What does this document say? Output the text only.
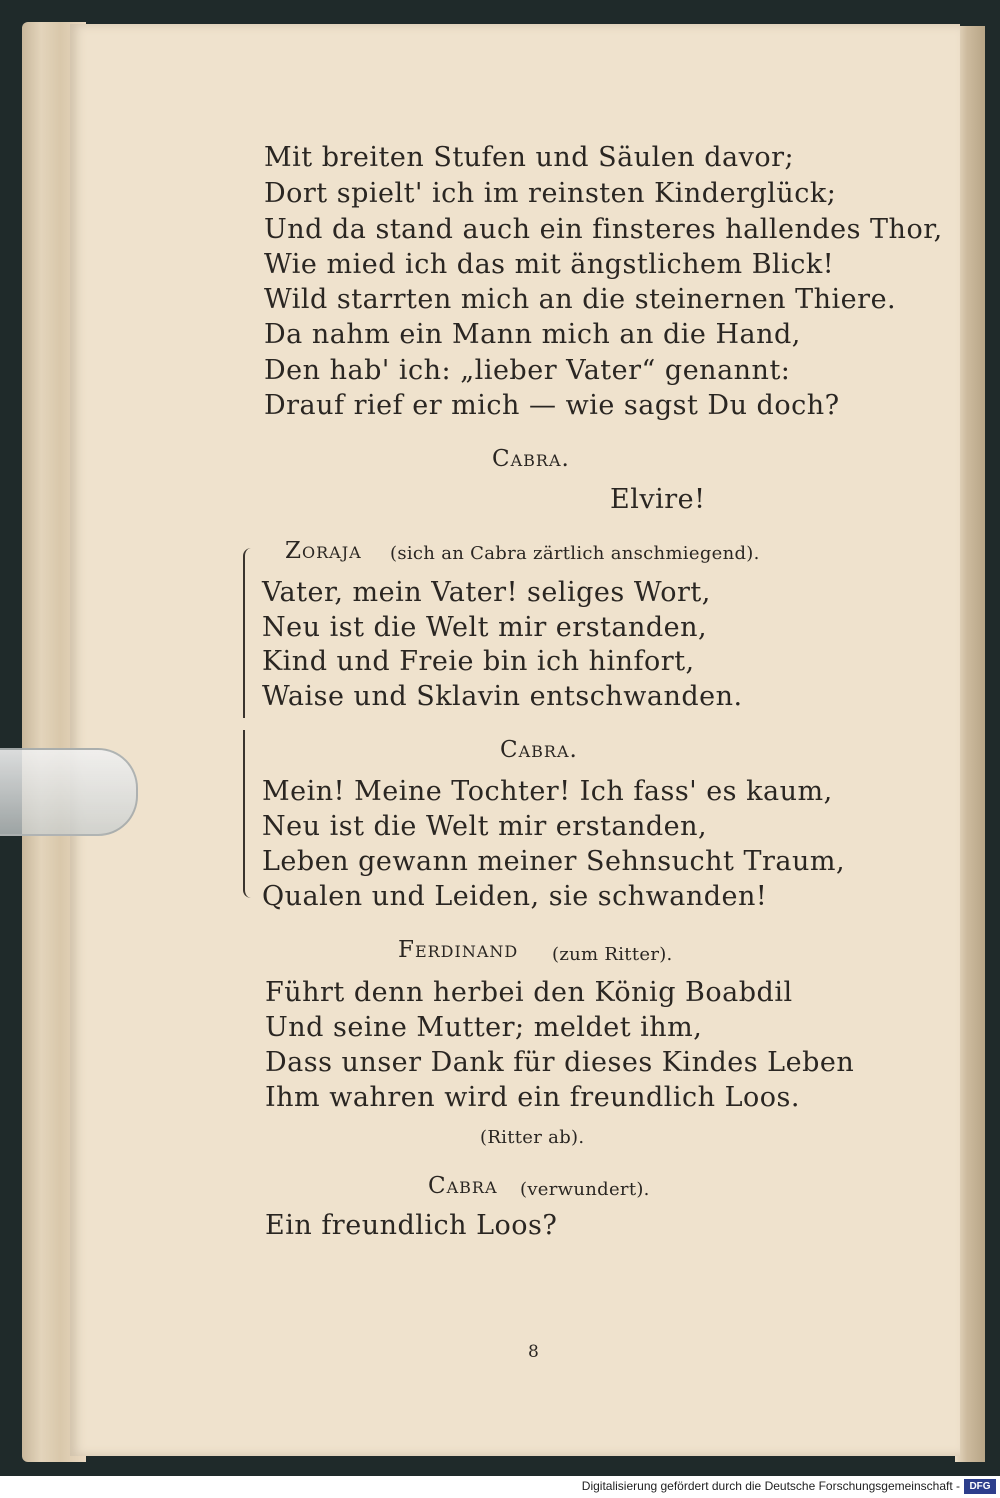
Mit breiten Stufen und Säulen davor;
Dort spielt' ich im reinsten Kinderglück;
Und da stand auch ein finsteres hallendes Thor,
Wie mied ich das mit ängstlichem Blick!
Wild starrten mich an die steinernen Thiere.
Da nahm ein Mann mich an die Hand,
Den hab' ich: „lieber Vater“ genannt:
Drauf rief er mich — wie sagst Du doch?
Cabra.
Elvire!
Zoraja (sich an Cabra zärtlich anschmiegend).
Vater, mein Vater! seliges Wort,
Neu ist die Welt mir erstanden,
Kind und Freie bin ich hinfort,
Waise und Sklavin entschwanden.
Cabra.
Mein! Meine Tochter! Ich fass' es kaum,
Neu ist die Welt mir erstanden,
Leben gewann meiner Sehnsucht Traum,
Qualen und Leiden, sie schwanden!
Ferdinand (zum Ritter).
Führt denn herbei den König Boabdil
Und seine Mutter; meldet ihm,
Dass unser Dank für dieses Kindes Leben
Ihm wahren wird ein freundlich Loos.
(Ritter ab).
Cabra (verwundert).
Ein freundlich Loos?
8
Digitalisierung gefördert durch die Deutsche Forschungsgemeinschaft - DFG
